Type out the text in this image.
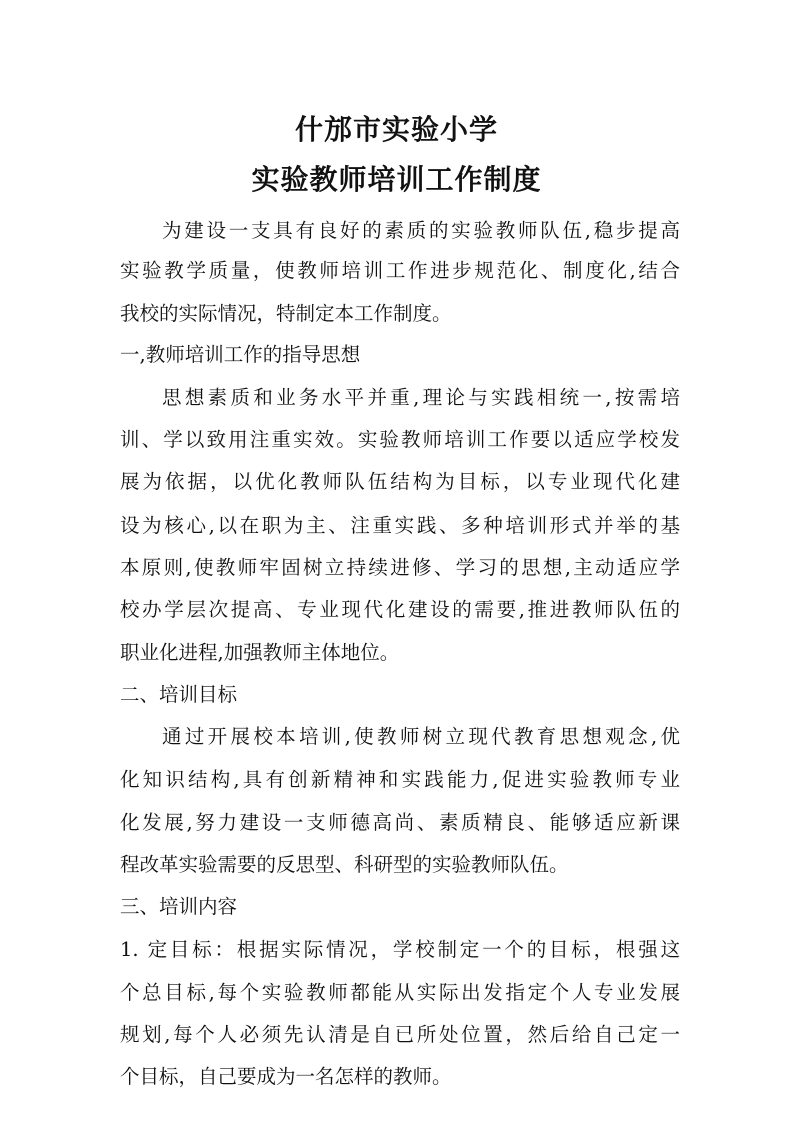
什邡市实验小学
实验教师培训工作制度
为建设一支具有良好的素质的实验教师队伍,稳步提高
实验教学质量，使教师培训工作进步规范化、制度化,结合
我校的实际情况，特制定本工作制度。
一,教师培训工作的指导思想
思想素质和业务水平并重,理论与实践相统一,按需培
训、学以致用注重实效。实验教师培训工作要以适应学校发
展为依据，以优化教师队伍结构为目标，以专业现代化建
设为核心,以在职为主、注重实践、多种培训形式并举的基
本原则,使教师牢固树立持续进修、学习的思想,主动适应学
校办学层次提高、专业现代化建设的需要,推进教师队伍的
职业化进程,加强教师主体地位。
二、培训目标
通过开展校本培训,使教师树立现代教育思想观念,优
化知识结构,具有创新精神和实践能力,促进实验教师专业
化发展,努力建设一支师德高尚、素质精良、能够适应新课
程改革实验需要的反思型、科研型的实验教师队伍。
三、培训内容
1. 定目标：根据实际情况，学校制定一个的目标，根强这
个总目标,每个实验教师都能从实际出发指定个人专业发展
规划,每个人必须先认清是自已所处位置，然后给自己定一
个目标，自己要成为一名怎样的教师。
